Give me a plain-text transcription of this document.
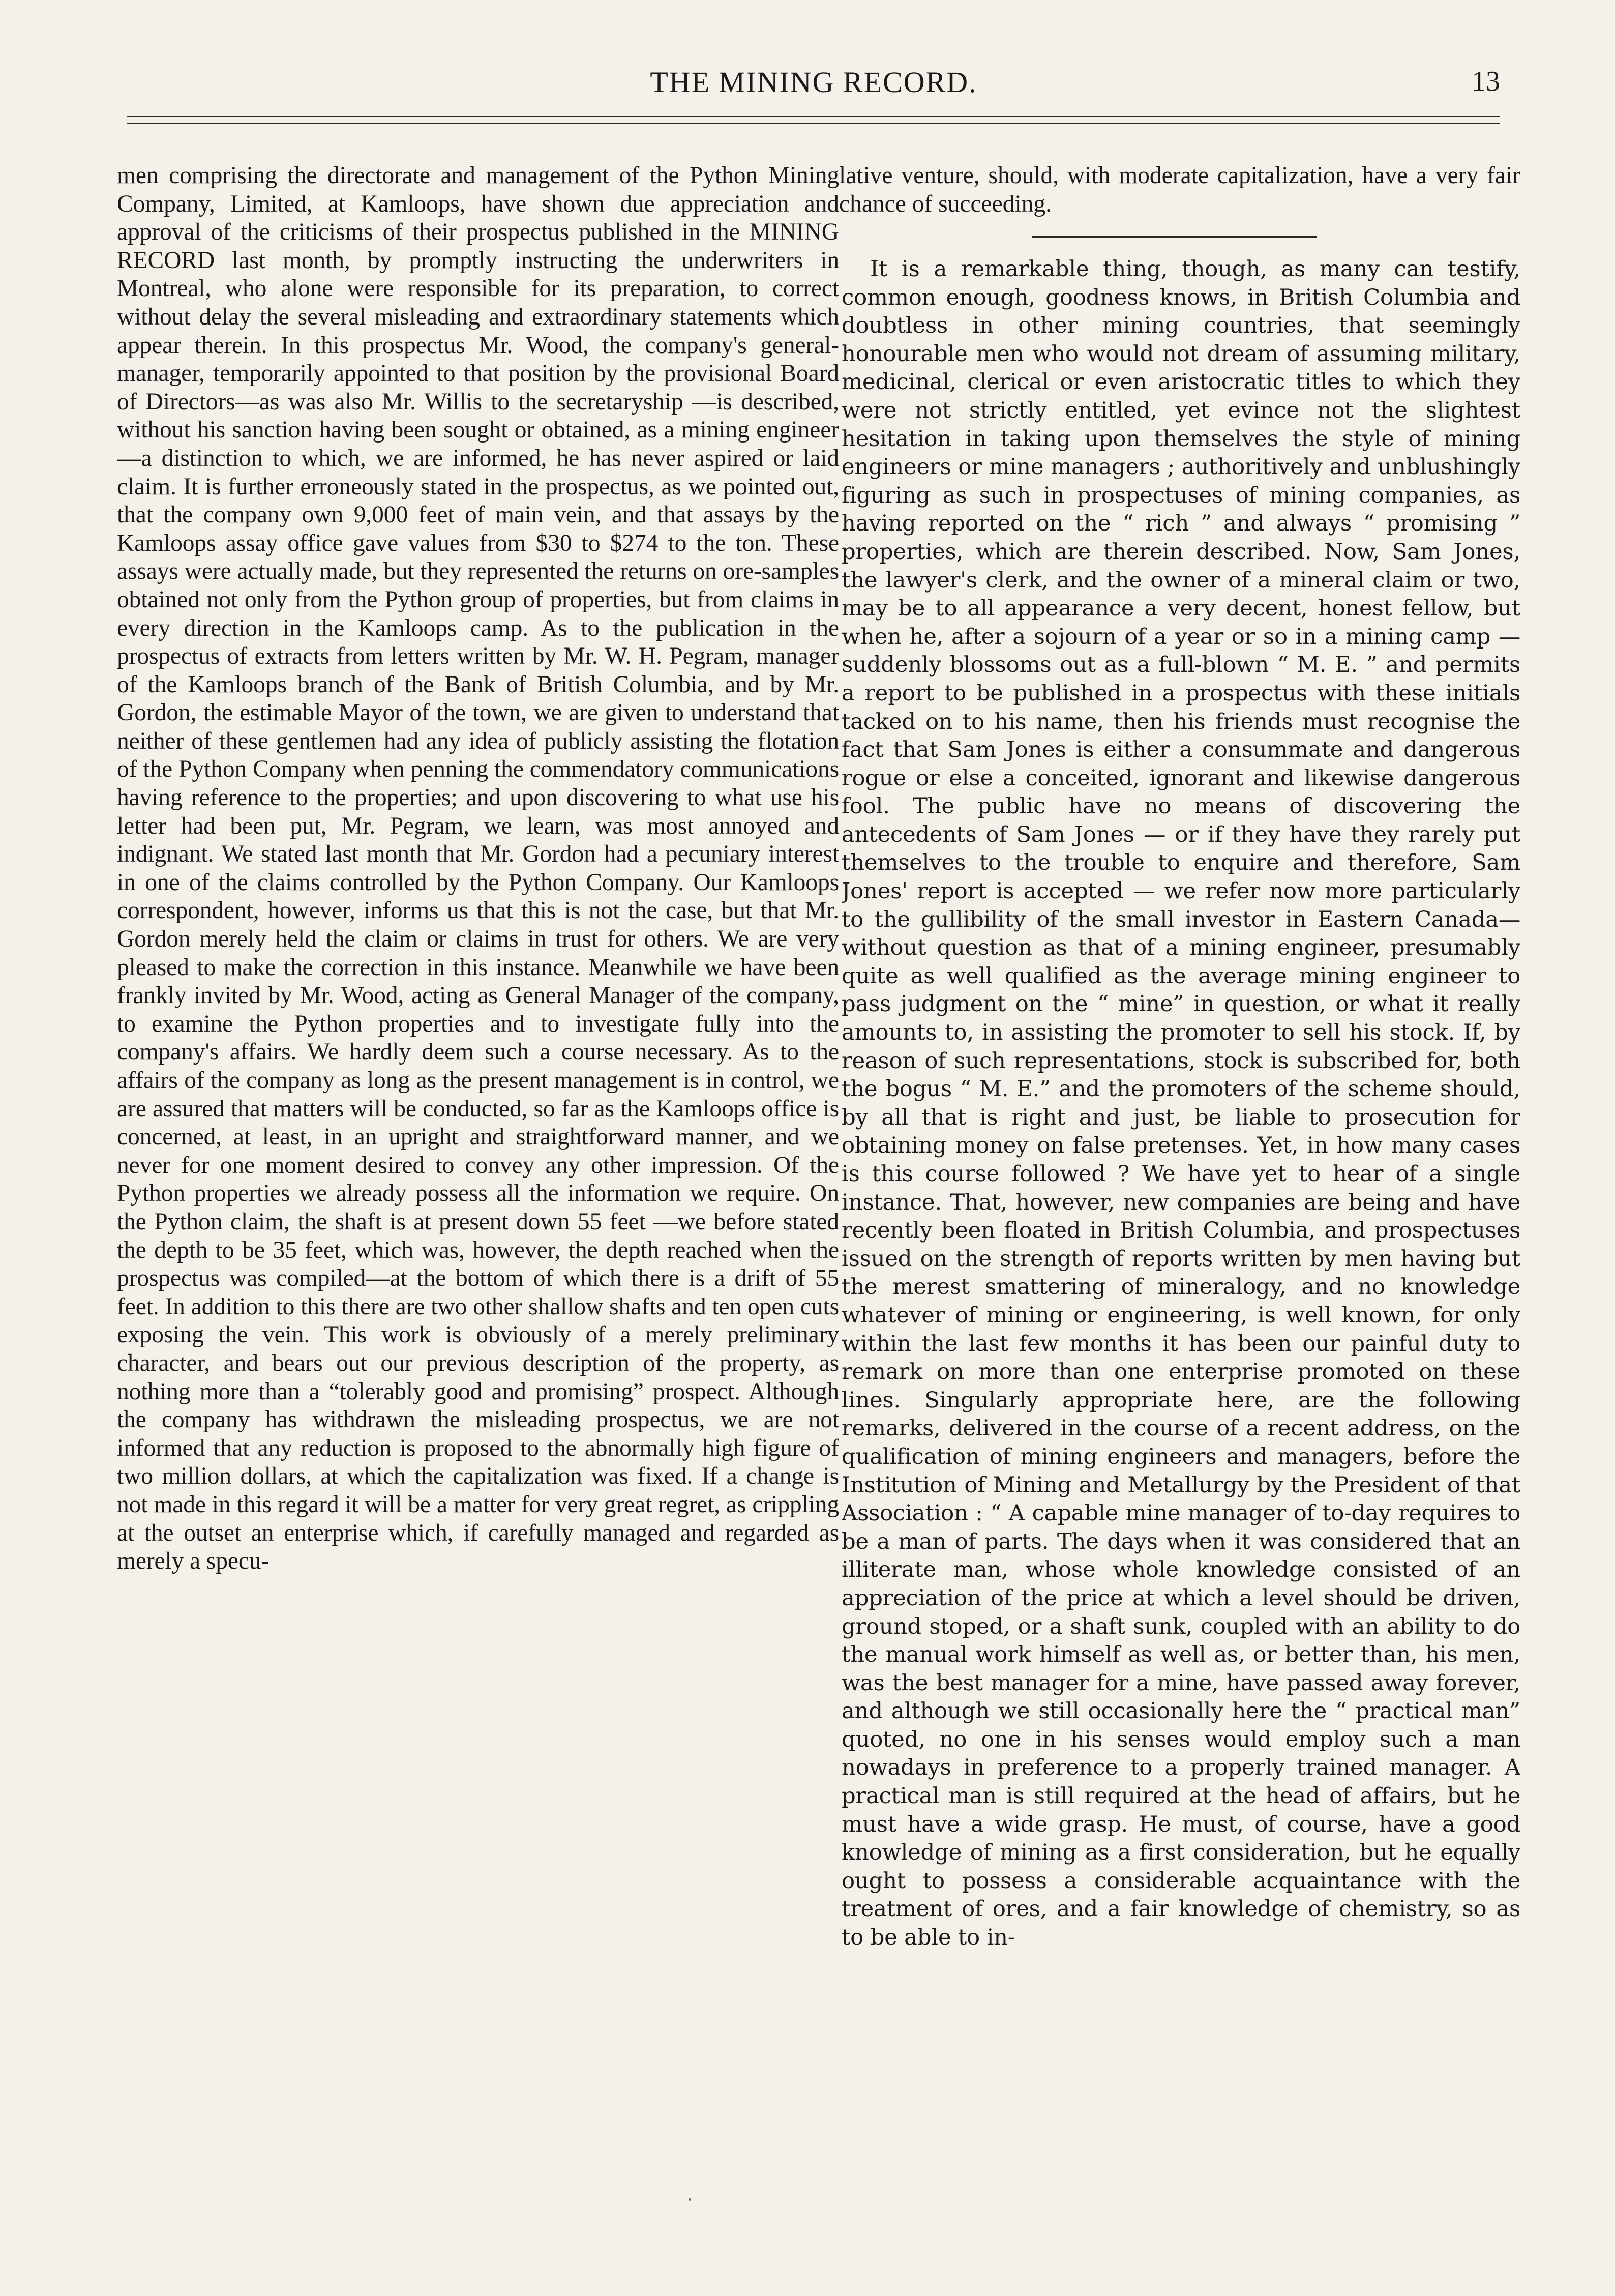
THE MINING RECORD.	13

men comprising the directorate and management of the Python Mining Company, Limited, at Kamloops, have shown due appreciation and approval of the criticisms of their prospectus published in the MINING RECORD last month, by promptly instructing the underwriters in Montreal, who alone were responsible for its preparation, to correct without delay the several misleading and extraordinary statements which appear therein. In this prospectus Mr. Wood, the company's general-manager, temporarily appointed to that position by the provisional Board of Directors—as was also Mr. Willis to the secretaryship —is described, without his sanction having been sought or obtained, as a mining engineer—a distinction to which, we are informed, he has never aspired or laid claim. It is further erroneously stated in the prospectus, as we pointed out, that the company own 9,000 feet of main vein, and that assays by the Kamloops assay office gave values from $30 to $274 to the ton. These assays were actually made, but they represented the returns on ore-samples obtained not only from the Python group of properties, but from claims in every direction in the Kamloops camp. As to the publication in the prospectus of extracts from letters written by Mr. W. H. Pegram, manager of the Kamloops branch of the Bank of British Columbia, and by Mr. Gordon, the estimable Mayor of the town, we are given to understand that neither of these gentlemen had any idea of publicly assisting the flotation of the Python Company when penning the commendatory communications having reference to the properties; and upon discovering to what use his letter had been put, Mr. Pegram, we learn, was most annoyed and indignant. We stated last month that Mr. Gordon had a pecuniary interest in one of the claims controlled by the Python Company. Our Kamloops correspondent, however, informs us that this is not the case, but that Mr. Gordon merely held the claim or claims in trust for others. We are very pleased to make the correction in this instance. Meanwhile we have been frankly invited by Mr. Wood, acting as General Manager of the company, to examine the Python properties and to investigate fully into the company's affairs. We hardly deem such a course necessary. As to the affairs of the company as long as the present management is in control, we are assured that matters will be conducted, so far as the Kamloops office is concerned, at least, in an upright and straightforward manner, and we never for one moment desired to convey any other impression. Of the Python properties we already possess all the information we require. On the Python claim, the shaft is at present down 55 feet —we before stated the depth to be 35 feet, which was, however, the depth reached when the prospectus was compiled—at the bottom of which there is a drift of 55 feet. In addition to this there are two other shallow shafts and ten open cuts exposing the vein. This work is obviously of a merely preliminary character, and bears out our previous description of the property, as nothing more than a “tolerably good and promising” prospect. Although the company has withdrawn the misleading prospectus, we are not informed that any reduction is proposed to the abnormally high figure of two million dollars, at which the capitalization was fixed. If a change is not made in this regard it will be a matter for very great regret, as crippling at the outset an enterprise which, if carefully managed and regarded as merely a specu-

lative venture, should, with moderate capitalization, have a very fair chance of succeeding.

It is a remarkable thing, though, as many can testify, common enough, goodness knows, in British Columbia and doubtless in other mining countries, that seemingly honourable men who would not dream of assuming military, medicinal, clerical or even aristocratic titles to which they were not strictly entitled, yet evince not the slightest hesitation in taking upon themselves the style of mining engineers or mine managers ; authoritively and unblushingly figuring as such in prospectuses of mining companies, as having reported on the “ rich ” and always “ promising ” properties, which are therein described. Now, Sam Jones, the lawyer's clerk, and the owner of a mineral claim or two, may be to all appearance a very decent, honest fellow, but when he, after a sojourn of a year or so in a mining camp — suddenly blossoms out as a full-blown “ M. E. ” and permits a report to be published in a prospectus with these initials tacked on to his name, then his friends must recognise the fact that Sam Jones is either a consummate and dangerous rogue or else a conceited, ignorant and likewise dangerous fool. The public have no means of discovering the antecedents of Sam Jones — or if they have they rarely put themselves to the trouble to enquire and therefore, Sam Jones' report is accepted — we refer now more particularly to the gullibility of the small investor in Eastern Canada—without question as that of a mining engineer, presumably quite as well qualified as the average mining engineer to pass judgment on the “ mine” in question, or what it really amounts to, in assisting the promoter to sell his stock. If, by reason of such representations, stock is subscribed for, both the bogus “ M. E.” and the promoters of the scheme should, by all that is right and just, be liable to prosecution for obtaining money on false pretenses. Yet, in how many cases is this course followed ? We have yet to hear of a single instance. That, however, new companies are being and have recently been floated in British Columbia, and prospectuses issued on the strength of reports written by men having but the merest smattering of mineralogy, and no knowledge whatever of mining or engineering, is well known, for only within the last few months it has been our painful duty to remark on more than one enterprise promoted on these lines. Singularly appropriate here, are the following remarks, delivered in the course of a recent address, on the qualification of mining engineers and managers, before the Institution of Mining and Metallurgy by the President of that Association : “ A capable mine manager of to-day requires to be a man of parts. The days when it was considered that an illiterate man, whose whole knowledge consisted of an appreciation of the price at which a level should be driven, ground stoped, or a shaft sunk, coupled with an ability to do the manual work himself as well as, or better than, his men, was the best manager for a mine, have passed away forever, and although we still occasionally here the “ practical man” quoted, no one in his senses would employ such a man nowadays in preference to a properly trained manager. A practical man is still required at the head of affairs, but he must have a wide grasp. He must, of course, have a good knowledge of mining as a first consideration, but he equally ought to possess a considerable acquaintance with the treatment of ores, and a fair knowledge of chemistry, so as to be able to in-
